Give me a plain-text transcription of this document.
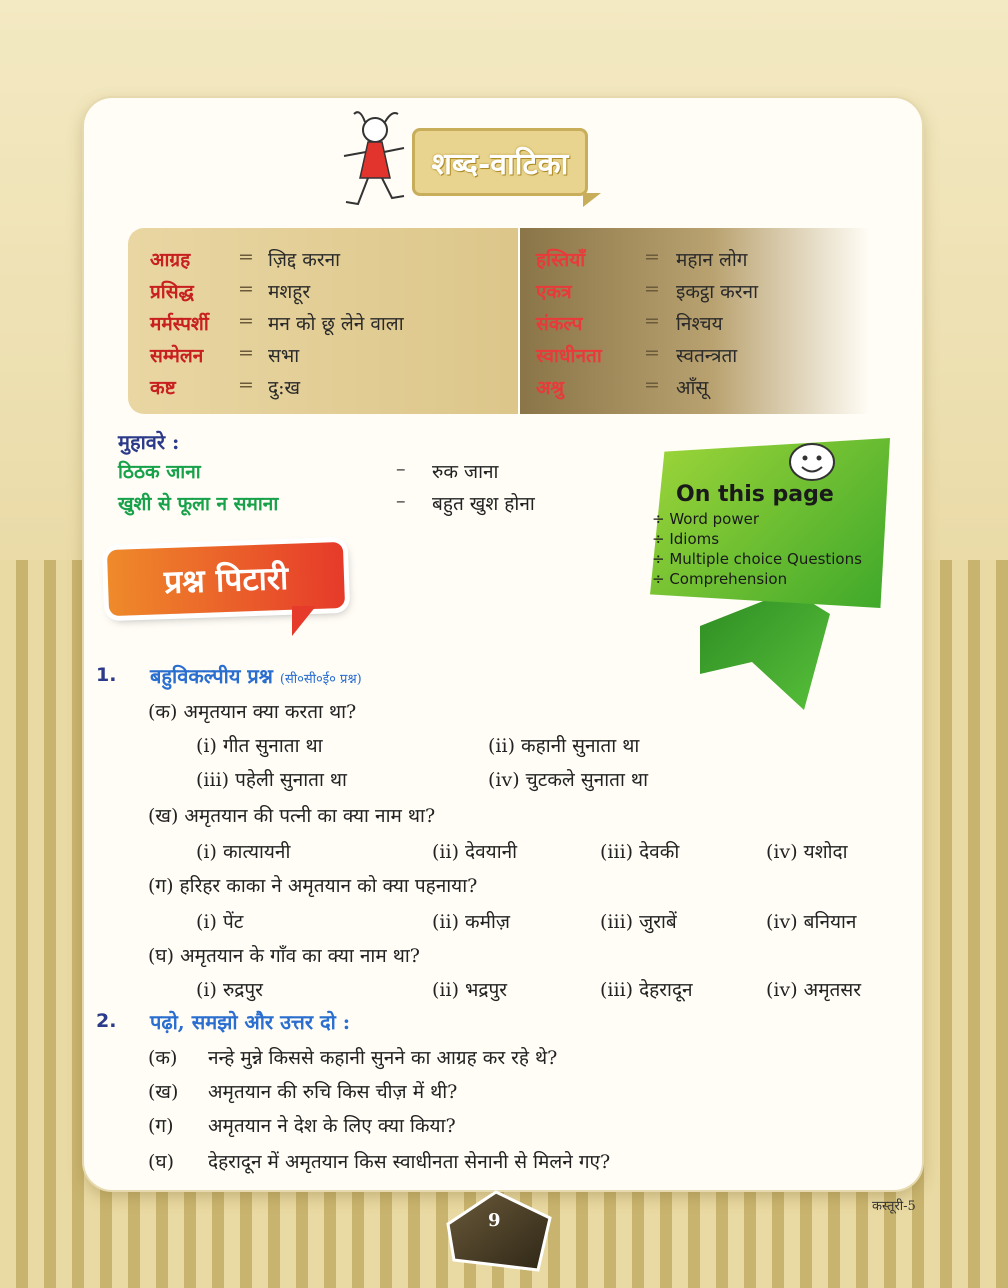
शब्द-वाटिका
आग्रह	= ज़िद्द करना
प्रसिद्ध = मशहूर
मर्मस्पर्शी = मन को छू लेने वाला
सम्मेलन = सभा
कष्ट	= दु:ख
हस्तियाँ	= महान लोग
एकत्र	= इकट्ठा करना
संकल्प	= निश्चय
स्वाधीनता = स्वतन्त्रता
अश्रु	= आँसू
मुहावरे :
ठिठक जाना	– रुक जाना
खुशी से फूला न समाना	– बहुत खुश होना	On this page
÷ Word power
÷ Idioms
÷ Multiple choice Questions
÷ Comprehension
प्रश्न पिटारी
1. बहुविकल्पीय प्रश्न (सी०सी०ई० प्रश्न)
(क) अमृतयान क्या करता था?
(i) गीत सुनाता था	(ii) कहानी सुनाता था
(iii) पहेली सुनाता था	(iv) चुटकले सुनाता था
(ख) अमृतयान की पत्नी का क्या नाम था?
(i) कात्यायनी	(ii) देवयानी	(iii) देवकी	(iv) यशोदा
(ग) हरिहर काका ने अमृतयान को क्या पहनाया?
(i) पेंट	(ii) कमीज़	(iii) जुराबें	(iv) बनियान
(घ) अमृतयान के गाँव का क्या नाम था?
(i) रुद्रपुर	(ii) भद्रपुर	(iii) देहरादून	(iv) अमृतसर
2. पढ़ो, समझो और उत्तर दो :
(क) नन्हे मुन्ने किससे कहानी सुनने का आग्रह कर रहे थे?
(ख) अमृतयान की रुचि किस चीज़ में थी?
(ग) अमृतयान ने देश के लिए क्या किया?
(घ) देहरादून में अमृतयान किस स्वाधीनता सेनानी से मिलने गए?
9
कस्तूरी-5
